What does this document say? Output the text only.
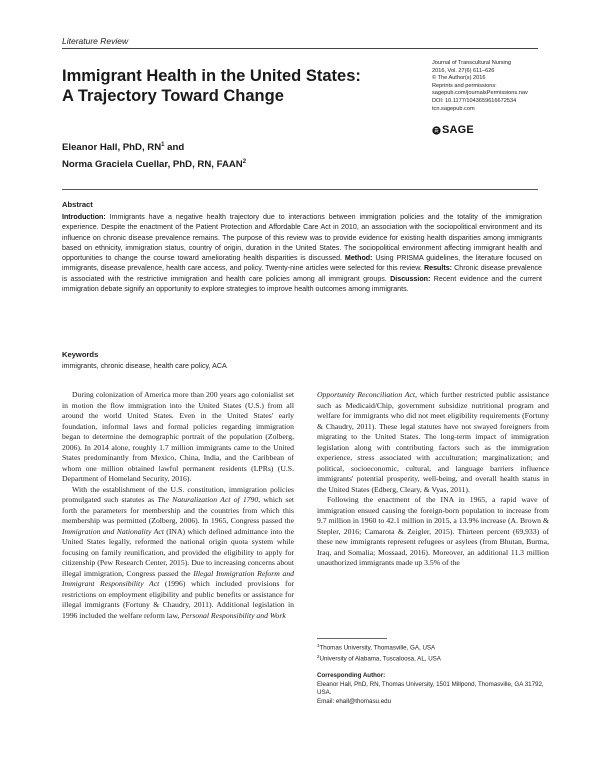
Literature Review
Immigrant Health in the United States:
A Trajectory Toward Change
Journal of Transcultural Nursing
2016, Vol. 27(6) 611–626
© The Author(s) 2016
Reprints and permissions:
sagepub.com/journalsPermissions.nav
DOI: 10.1177/1043659616672534
tcn.sagepub.com
SAGE
Eleanor Hall, PhD, $RN^1$ and
Norma Graciela Cuellar, PhD, RN, FAAN$^2$
Abstract
Introduction: Immigrants have a negative health trajectory due to interactions between immigration policies and the totality of the immigration experience. Despite the enactment of the Patient Protection and Affordable Care Act in 2010, an association with the sociopolitical environment and its influence on chronic disease prevalence remains. The purpose of this review was to provide evidence for existing health disparities among immigrants based on ethnicity, immigration status, country of origin, duration in the United States. The sociopolitical environment affecting immigrant health and opportunities to change the course toward ameliorating health disparities is discussed. Method: Using PRISMA guidelines, the literature focused on immigrants, disease prevalence, health care access, and policy. Twenty-nine articles were selected for this review. Results: Chronic disease prevalence is associated with the restrictive immigration and health care policies among all immigrant groups. Discussion: Recent evidence and the current immigration debate signify an opportunity to explore strategies to improve health outcomes among immigrants.
Keywords
immigrants, chronic disease, health care policy, ACA

During colonization of America more than 200 years ago colonialist set in motion the flow immigration into the United States (U.S.) from all around the world United States. Even in the United States' early foundation, informal laws and formal policies regarding immigration began to determine the demographic portrait of the population (Zolberg, 2006). In 2014 alone, roughly 1.7 million immigrants came to the United States predominantly from Mexico, China, India, and the Caribbean of whom one million obtained lawful permanent residents (LPRs) (U.S. Department of Homeland Security, 2016).

With the establishment of the U.S. constitution, immigration policies promulgated such statutes as The Naturalization Act of 1790, which set forth the parameters for membership and the countries from which this membership was permitted (Zolberg, 2006). In 1965, Congress passed the Immigration and Nationality Act (INA) which defined admittance into the United States legally, reformed the national origin quota system while focusing on family reunification, and provided the eligibility to apply for citizenship (Pew Research Center, 2015). Due to increasing concerns about illegal immigration, Congress passed the Illegal Immigration Reform and Immigrant Responsibility Act (1996) which included provisions for restrictions on employment eligibility and public benefits or assistance for illegal immigrants (Fortuny & Chaudry, 2011). Additional legislation in 1996 included the welfare reform law, Personal Responsibility and Work

Opportunity Reconciliation Act, which further restricted public assistance such as Medicaid/Chip, government subsidize nutritional program and welfare for immigrants who did not meet eligibility requirements (Fortuny & Chaudry, 2011). These legal statutes have not swayed foreigners from migrating to the United States. The long-term impact of immigration legislation along with contributing factors such as the immigration experience, stress associated with acculturation; marginalization; and political, socioeconomic, cultural, and language barriers influence immigrants' potential prosperity, well-being, and overall health status in the United States (Edberg, Cleary, & Vyas, 2011).

Following the enactment of the INA in 1965, a rapid wave of immigration ensued causing the foreign-born population to increase from 9.7 million in 1960 to 42.1 million in 2015, a 13.9% increase (A. Brown & Stepler, 2016; Camarota & Zeigler, 2015). Thirteen percent (69,933) of these new immigrants represent refugees or asylees (from Bhutan, Burma, Iraq, and Somalia; Mossaad, 2016). Moreover, an additional 11.3 million unauthorized immigrants made up 3.5% of the

$^1$Thomas University, Thomasville, GA, USA
$^2$University of Alabama, Tuscaloosa, AL, USA
Corresponding Author:
Eleanor Hall, PhD, RN, Thomas University, 1501 Millpond, Thomasville, GA 31792, USA.
Email: ehall@thomasu.edu
